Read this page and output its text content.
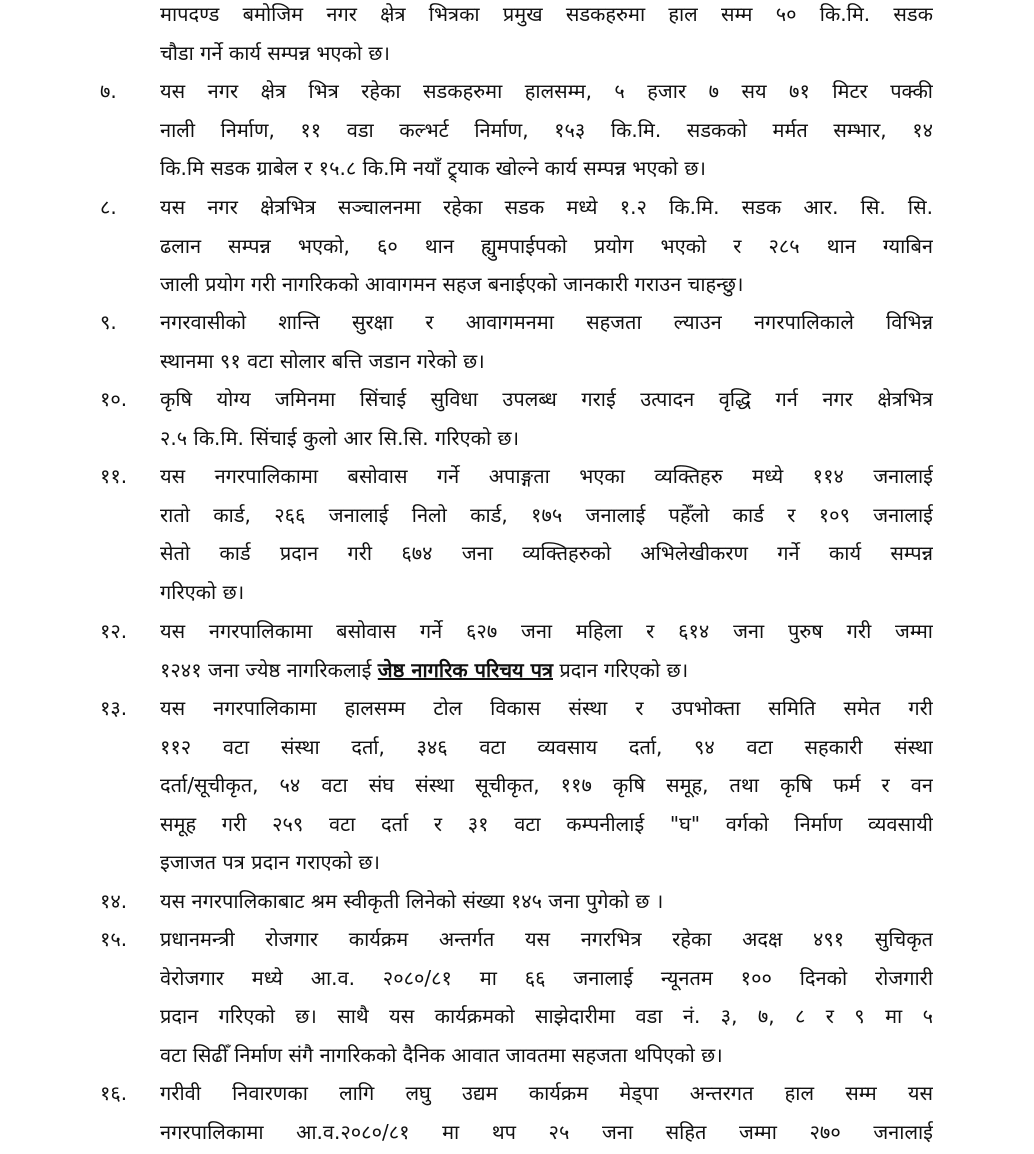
मापदण्ड बमोजिम नगर क्षेत्र भित्रका प्रमुख सडकहरुमा हाल सम्म ५० कि.मि. सडक
चौडा गर्ने कार्य सम्पन्न भएको छ।
७. यस नगर क्षेत्र भित्र रहेका सडकहरुमा हालसम्म, ५ हजार ७ सय ७१ मिटर पक्की
नाली निर्माण, ११ वडा कल्भर्ट निर्माण, १५३ कि.मि. सडकको मर्मत सम्भार, १४
कि.मि सडक ग्राबेल र १५.८ कि.मि नयाँ ट्र्याक खोल्ने कार्य सम्पन्न भएको छ।
८. यस नगर क्षेत्रभित्र सञ्चालनमा रहेका सडक मध्ये १.२ कि.मि. सडक आर. सि. सि.
ढलान सम्पन्न भएको, ६० थान ह्युमपाईपको प्रयोग भएको र २८५ थान ग्याबिन
जाली प्रयोग गरी नागरिकको आवागमन सहज बनाईएको जानकारी गराउन चाहन्छु।
९. नगरवासीको शान्ति सुरक्षा र आवागमनमा सहजता ल्याउन नगरपालिकाले विभिन्न
स्थानमा ९१ वटा सोलार बत्ति जडान गरेको छ।
१०. कृषि योग्य जमिनमा सिंचाई सुविधा उपलब्ध गराई उत्पादन वृद्धि गर्न नगर क्षेत्रभित्र
२.५ कि.मि. सिंचाई कुलो आर सि.सि. गरिएको छ।
११. यस नगरपालिकामा बसोवास गर्ने अपाङ्गता भएका व्यक्तिहरु मध्ये ११४ जनालाई
रातो कार्ड, २६६ जनालाई निलो कार्ड, १७५ जनालाई पहेँलो कार्ड र १०९ जनालाई
सेतो कार्ड प्रदान गरी ६७४ जना व्यक्तिहरुको अभिलेखीकरण गर्ने कार्य सम्पन्न
गरिएको छ।
१२. यस नगरपालिकामा बसोवास गर्ने ६२७ जना महिला र ६१४ जना पुरुष गरी जम्मा
१२४१ जना ज्येष्ठ नागरिकलाई जेष्ठ नागरिक परिचय पत्र प्रदान गरिएको छ।
१३. यस नगरपालिकामा हालसम्म टोल विकास संस्था र उपभोक्ता समिति समेत गरी
११२ वटा संस्था दर्ता, ३४६ वटा व्यवसाय दर्ता, ९४ वटा सहकारी संस्था
दर्ता/सूचीकृत, ५४ वटा संघ संस्था सूचीकृत, ११७ कृषि समूह, तथा कृषि फर्म र वन
समूह गरी २५९ वटा दर्ता र ३१ वटा कम्पनीलाई "घ" वर्गको निर्माण व्यवसायी
इजाजत पत्र प्रदान गराएको छ।
१४. यस नगरपालिकाबाट श्रम स्वीकृती लिनेको संख्या १४५ जना पुगेको छ ।
१५. प्रधानमन्त्री रोजगार कार्यक्रम अन्तर्गत यस नगरभित्र रहेका अदक्ष ४९१ सुचिकृत
वेरोजगार मध्ये आ.व. २०८०/८१ मा ६६ जनालाई न्यूनतम १०० दिनको रोजगारी
प्रदान गरिएको छ। साथै यस कार्यक्रमको साझेदारीमा वडा नं. ३, ७, ८ र ९ मा ५
वटा सिढीँ निर्माण संगै नागरिकको दैनिक आवात जावतमा सहजता थपिएको छ।
१६. गरीवी निवारणका लागि लघु उद्यम कार्यक्रम मेड्पा अन्तरगत हाल सम्म यस
नगरपालिकामा आ.व.२०८०/८१ मा थप २५ जना सहित जम्मा २७० जनालाई
